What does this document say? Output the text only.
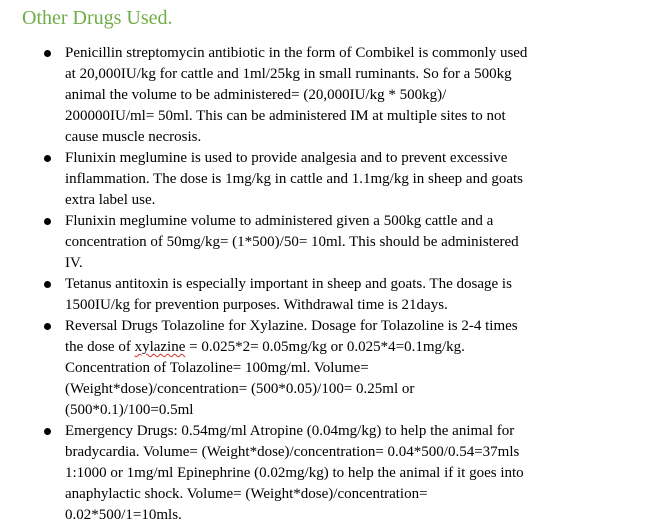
Other Drugs Used.
Penicillin streptomycin antibiotic in the form of Combikel is commonly used
at 20,000IU/kg for cattle and 1ml/25kg in small ruminants. So for a 500kg
animal the volume to be administered= (20,000IU/kg * 500kg)/
200000IU/ml= 50ml. This can be administered IM at multiple sites to not
cause muscle necrosis.
Flunixin meglumine is used to provide analgesia and to prevent excessive
inflammation. The dose is 1mg/kg in cattle and 1.1mg/kg in sheep and goats
extra label use.
Flunixin meglumine volume to administered given a 500kg cattle and a
concentration of 50mg/kg= (1*500)/50= 10ml. This should be administered
IV.
Tetanus antitoxin is especially important in sheep and goats. The dosage is
1500IU/kg for prevention purposes. Withdrawal time is 21days.
Reversal Drugs Tolazoline for Xylazine. Dosage for Tolazoline is 2-4 times
the dose of xylazine = 0.025*2= 0.05mg/kg or 0.025*4=0.1mg/kg.
Concentration of Tolazoline= 100mg/ml. Volume=
(Weight*dose)/concentration= (500*0.05)/100= 0.25ml or
(500*0.1)/100=0.5ml
Emergency Drugs: 0.54mg/ml Atropine (0.04mg/kg) to help the animal for
bradycardia. Volume= (Weight*dose)/concentration= 0.04*500/0.54=37mls
1:1000 or 1mg/ml Epinephrine (0.02mg/kg) to help the animal if it goes into
anaphylactic shock. Volume= (Weight*dose)/concentration=
0.02*500/1=10mls.
